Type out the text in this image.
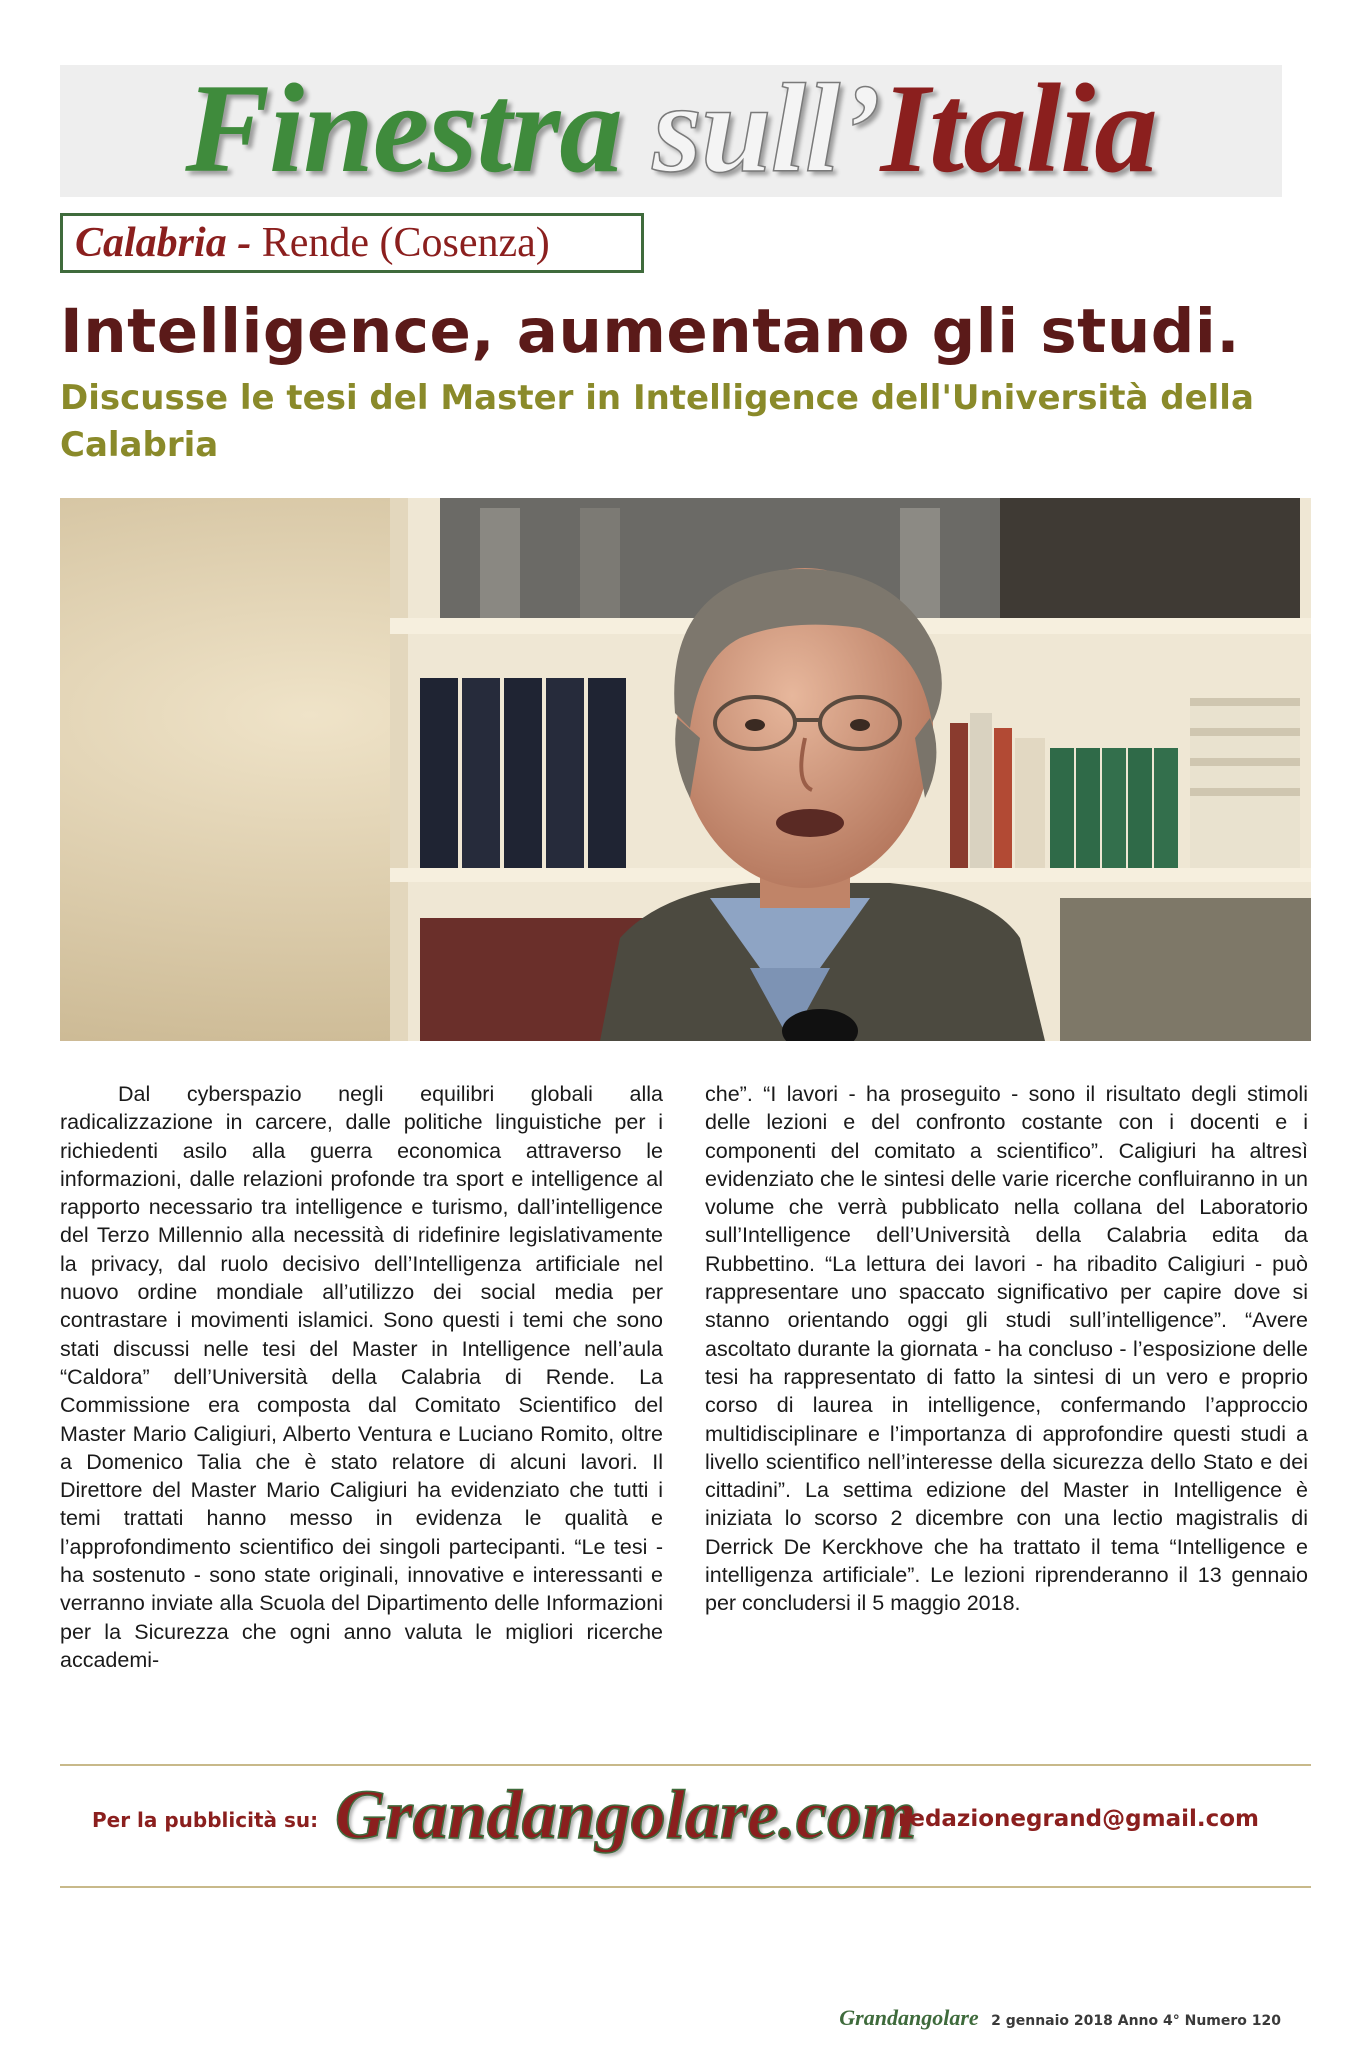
Finestra sull’Italia
Calabria - Rende (Cosenza)
Intelligence, aumentano gli studi.
Discusse le tesi del Master in Intelligence dell'Università della Calabria

Dal cyberspazio negli equilibri globali alla radicalizzazione in carcere, dalle politiche linguistiche per i richiedenti asilo alla guerra economica attraverso le informazioni, dalle relazioni profonde tra sport e intelligence al rapporto necessario tra intelligence e turismo, dall’intelligence del Terzo Millennio alla necessità di ridefinire legislativamente la privacy, dal ruolo decisivo dell’Intelligenza artificiale nel nuovo ordine mondiale all’utilizzo dei social media per contrastare i movimenti islamici. Sono questi i temi che sono stati discussi nelle tesi del Master in Intelligence nell’aula “Caldora” dell’Università della Calabria di Rende. La Commissione era composta dal Comitato Scientifico del Master Mario Caligiuri, Alberto Ventura e Luciano Romito, oltre a Domenico Talia che è stato relatore di alcuni lavori. Il Direttore del Master Mario Caligiuri ha evidenziato che tutti i temi trattati hanno messo in evidenza le qualità e l’approfondimento scientifico dei singoli partecipanti. “Le tesi - ha sostenuto - sono state originali, innovative e interessanti e verranno inviate alla Scuola del Dipartimento delle Informazioni per la Sicurezza che ogni anno valuta le migliori ricerche accademi-

che”. “I lavori - ha proseguito - sono il risultato degli stimoli delle lezioni e del confronto costante con i docenti e i componenti del comitato a scientifico”. Caligiuri ha altresì evidenziato che le sintesi delle varie ricerche confluiranno in un volume che verrà pubblicato nella collana del Laboratorio sull’Intelligence dell’Università della Calabria edita da Rubbettino. “La lettura dei lavori - ha ribadito Caligiuri - può rappresentare uno spaccato significativo per capire dove si stanno orientando oggi gli studi sull’intelligence”. “Avere ascoltato durante la giornata - ha concluso - l’esposizione delle tesi ha rappresentato di fatto la sintesi di un vero e proprio corso di laurea in intelligence, confermando l’approccio multidisciplinare e l’importanza di approfondire questi studi a livello scientifico nell’interesse della sicurezza dello Stato e dei cittadini”. La settima edizione del Master in Intelligence è iniziata lo scorso 2 dicembre con una lectio magistralis di Derrick De Kerckhove che ha trattato il tema “Intelligence e intelligenza artificiale”. Le lezioni riprenderanno il 13 gennaio per concludersi il 5 maggio 2018.

Per la pubblicità su: Grandangolare.com
redazionegrand@gmail.com
Grandangolare 2 gennaio 2018 Anno 4° Numero 120
